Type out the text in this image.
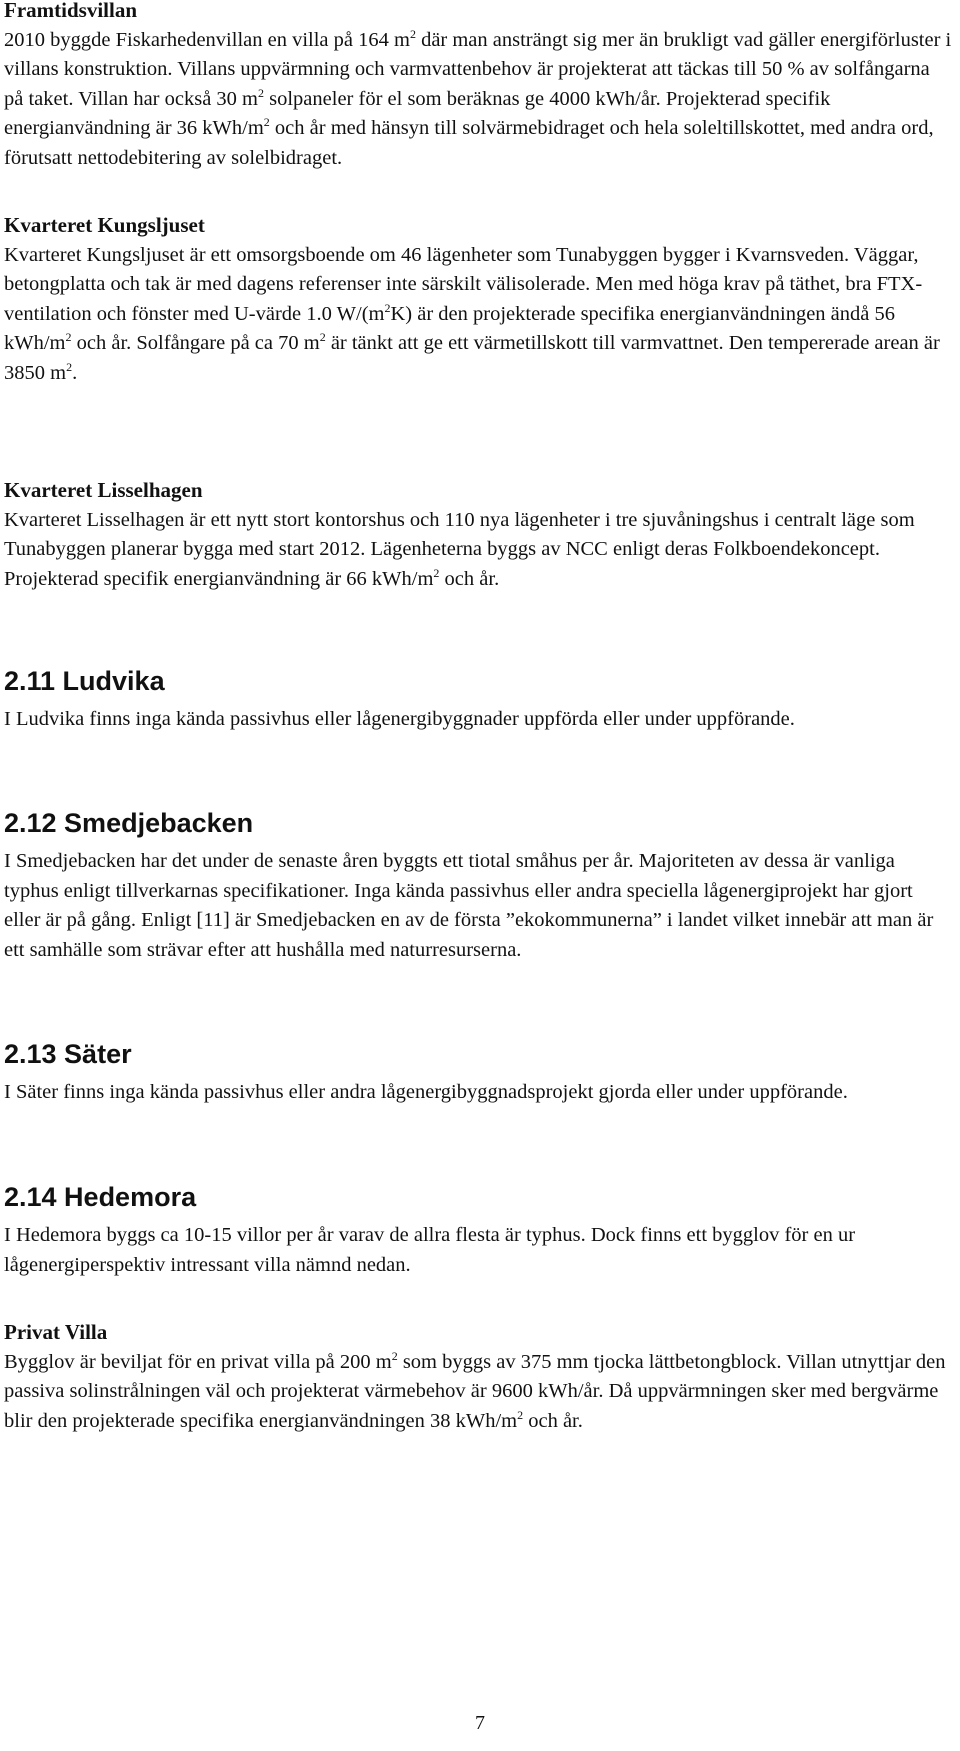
Framtidsvillan

2010 byggde Fiskarhedenvillan en villa på 164 $m^2$ där man ansträngt sig mer än brukligt vad gäller energiförluster i villans konstruktion. Villans uppvärmning och varmvattenbehov är projekterat att täckas till 50 % av solfångarna på taket. Villan har också 30 $m^2$ solpaneler för el som beräknas ge 4000 kWh/år. Projekterad specifik energianvändning är 36 kWh/$m^2$ och år med hänsyn till solvärmebidraget och hela soleltillskottet, med andra ord, förutsatt nettodebitering av solelbidraget.

Kvarteret Kungsljuset

Kvarteret Kungsljuset är ett omsorgsboende om 46 lägenheter som Tunabyggen bygger i Kvarnsveden. Väggar, betongplatta och tak är med dagens referenser inte särskilt välisolerade. Men med höga krav på täthet, bra FTX-ventilation och fönster med U-värde 1.0 $W/(m^2K)$ är den projekterade specifika energianvändningen ändå 56 kWh/$m^2$ och år. Solfångare på ca 70 $m^2$ är tänkt att ge ett värmetillskott till varmvattnet. Den tempererade arean är 3850 $m^2$.

Kvarteret Lisselhagen

Kvarteret Lisselhagen är ett nytt stort kontorshus och 110 nya lägenheter i tre sjuvåningshus i centralt läge som Tunabyggen planerar bygga med start 2012. Lägenheterna byggs av NCC enligt deras Folkboendekoncept. Projekterad specifik energianvändning är 66 kWh/$m^2$ och år.

2.11 Ludvika

I Ludvika finns inga kända passivhus eller lågenergibyggnader uppförda eller under uppförande.

2.12 Smedjebacken

I Smedjebacken har det under de senaste åren byggts ett tiotal småhus per år. Majoriteten av dessa är vanliga typhus enligt tillverkarnas specifikationer. Inga kända passivhus eller andra speciella lågenergiprojekt har gjort eller är på gång. Enligt [11] är Smedjebacken en av de första ”ekokommunerna” i landet vilket innebär att man är ett samhälle som strävar efter att hushålla med naturresurserna.

2.13 Säter

I Säter finns inga kända passivhus eller andra lågenergibyggnadsprojekt gjorda eller under uppförande.

2.14 Hedemora

I Hedemora byggs ca 10-15 villor per år varav de allra flesta är typhus. Dock finns ett bygglov för en ur lågenergiperspektiv intressant villa nämnd nedan.

Privat Villa

Bygglov är beviljat för en privat villa på 200 $m^2$ som byggs av 375 mm tjocka lättbetongblock. Villan utnyttjar den passiva solinstrålningen väl och projekterat värmebehov är 9600 kWh/år. Då uppvärmningen sker med bergvärme blir den projekterade specifika energianvändningen 38 kWh/$m^2$ och år.

7
